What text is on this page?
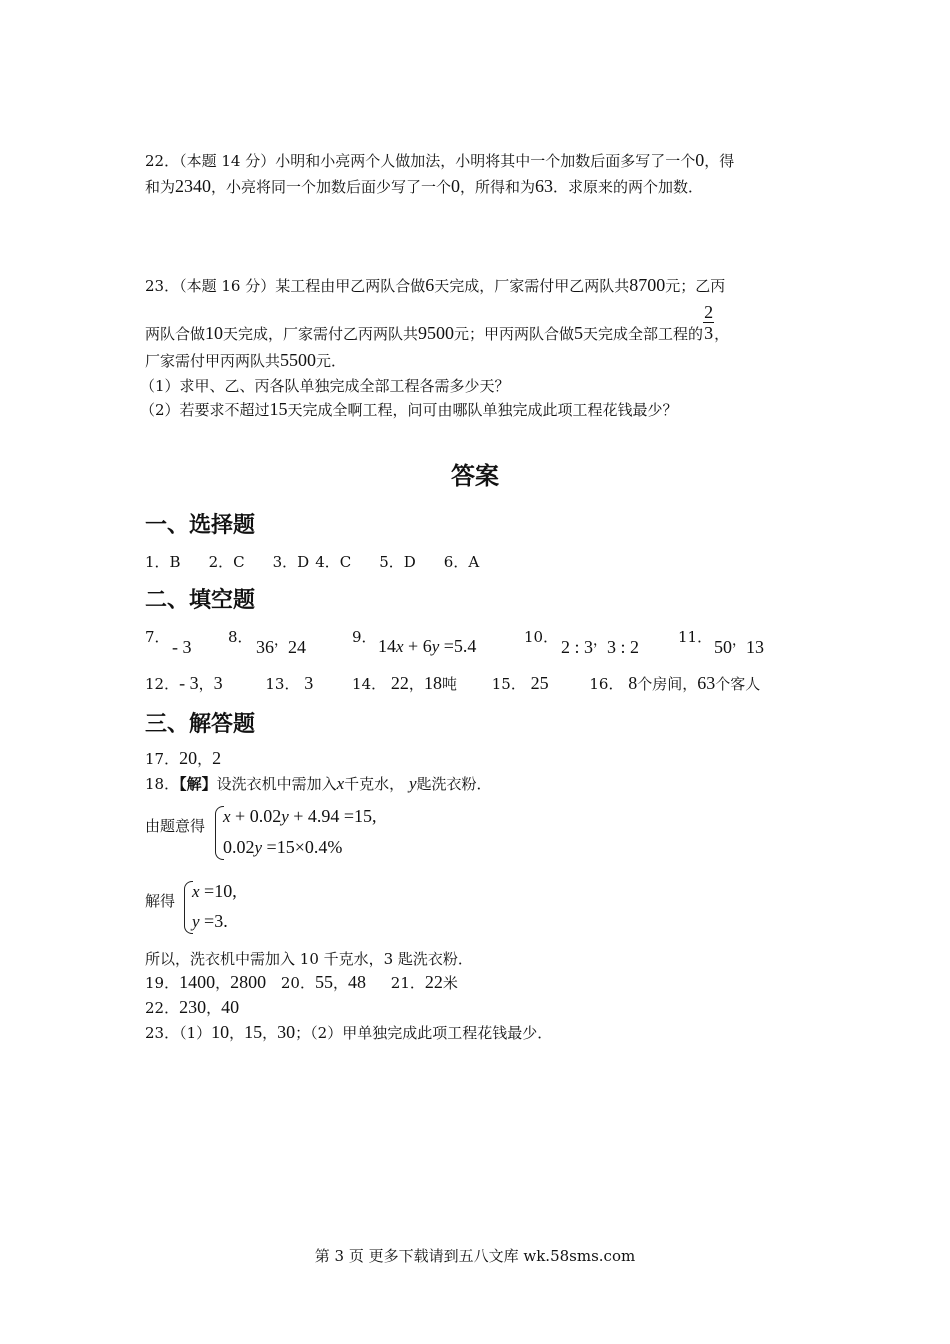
22．（本题 14 分）小明和小亮两个人做加法，小明将其中一个加数后面多写了一个0，得
和为2340，小亮将同一个加数后面少写了一个0，所得和为63．求原来的两个加数．
23．（本题 16 分）某工程由甲乙两队合做6天完成，厂家需付甲乙两队共8700元；乙丙
两队合做10天完成，厂家需付乙丙两队共9500元；甲丙两队合做5天完成全部工程的 $\frac{2}{3}$ ，
厂家需付甲丙两队共5500元．
（1）求甲、乙、丙各队单独完成全部工程各需多少天？
（2）若要求不超过15天完成全啊工程，问可由哪队单独完成此项工程花钱最少？
答案
一、选择题
1．B 2．C 3．D 4．C 5．D 6．A
二、填空题
7． - 3 8． 36，24	9． 14x + 6y =5.4	10． 2 : 3，3 : 2	11． 50，13
12．- 3，3	13． 3	14． 22，18吨 15． 25	16． 8个房间，63个客人
三、解答题
17．20，2
18．【解】设洗衣机中需加入x千克水， y匙洗衣粉．
由题意得 x + 0.02y + 4.94 =15,
0.02y =15×0.4%
解得 x =10,
y =3.
所以，洗衣机中需加入 10 千克水，3 匙洗衣粉．
19．1400，2800 20．55，48 21．22米
22．230，40
23．（1）10，15，30；（2）甲单独完成此项工程花钱最少．
第 3 页 更多下载请到五八文库 wk.58sms.com
